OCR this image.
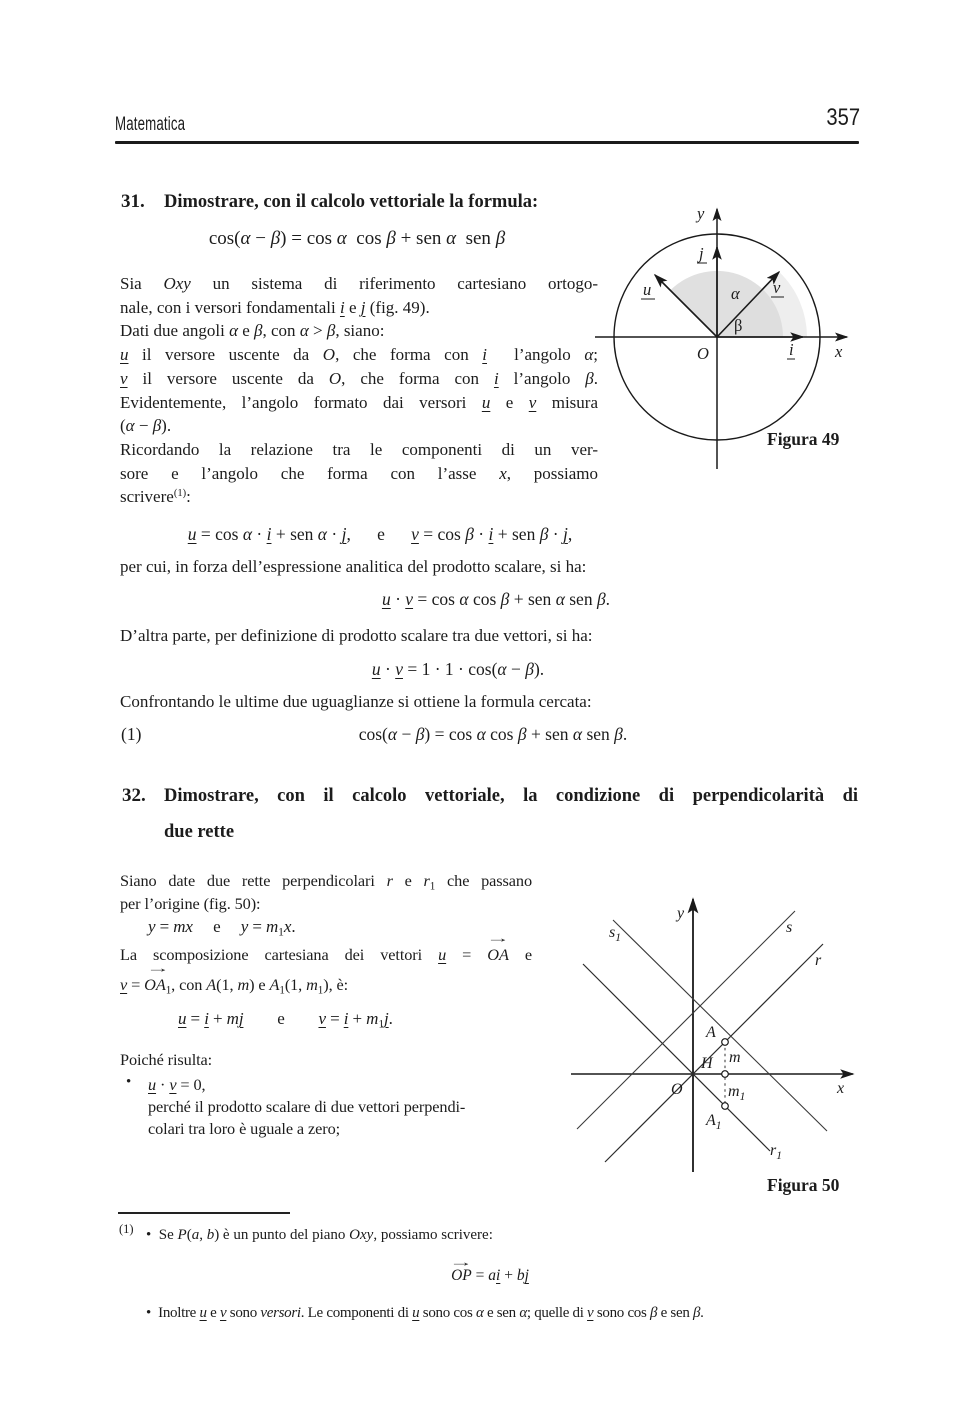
Matematica	357
31. Dimostrare, con il calcolo vettoriale la formula:
cos(α − β) = cos α  cos β + sen α  sen β
Sia Oxy un sistema di riferimento cartesiano ortogo-
nale, con i versori fondamentali i e j (fig. 49).
Dati due angoli α e β, con α > β, siano:
u il versore uscente da O, che forma con i  l’angolo α;
v il versore uscente da O, che forma con i l’angolo β.
Evidentemente, l’angolo formato dai versori u e v misura
(α − β).
Ricordando la relazione tra le componenti di un ver-
sore e l’angolo che forma con l’asse x, possiamo
scrivere$^{(1)}$:
u = cos α · i + sen α · j,  e  v = cos β · i + sen β · j,
per cui, in forza dell’espressione analitica del prodotto scalare, si ha:
u · v = cos α cos β + sen α sen β.
D’altra parte, per definizione di prodotto scalare tra due vettori, si ha:
u · v = 1 · 1 · cos(α − β).
Confrontando le ultime due uguaglianze si ottiene la formula cercata:
(1)	cos(α − β) = cos α cos β + sen α sen β.
y
x
O
u	v
j
i
α
β
Figura 49
32. Dimostrare, con il calcolo vettoriale, la condizione di perpendicolarità di
due rette
Siano date due rette perpendicolari r e $r_1$ che passano
per l’origine (fig. 50):
y = mx  e  $y = m_1x$.
La scomposizione cartesiana dei vettori u =
→
OA e
v =
→
$OA_1$, con A(1, m) e $A_1(1$, $m_1$), è:
u = i + mj  e  $v = i + m_1j$.
Poiché risulta:
• u · v = 0,
perché il prodotto scalare di due vettori perpendi-
colari tra loro è uguale a zero;
y
x
O
A
H m
$m_1$
$A_1$
r
$r_1$
s
$s_1$
Figura 50
(1) • Se P(a, b) è un punto del piano Oxy, possiamo scrivere:
→
OP = ai + bj
• Inoltre u e v sono versori. Le componenti di u sono cos α e sen α; quelle di v sono cos β e sen β.
